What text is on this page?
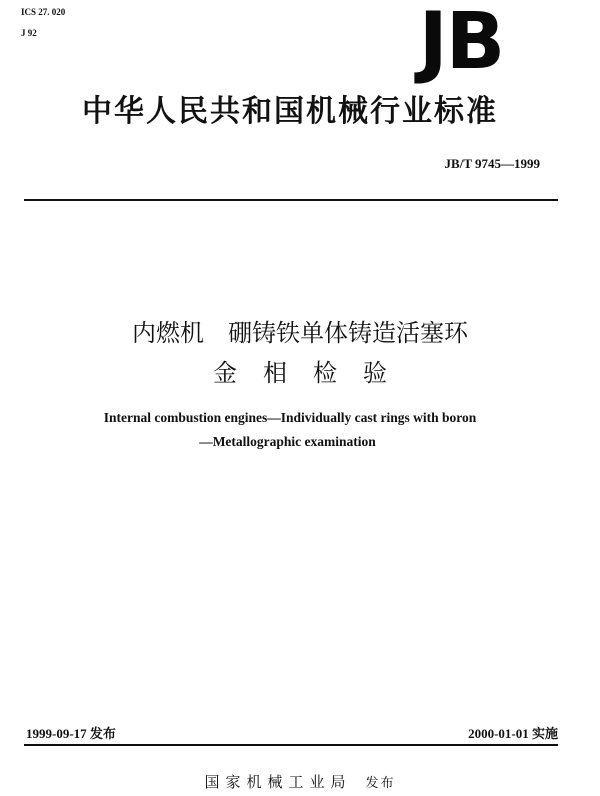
ICS 27. 020
J 92	JB
中华人民共和国机械行业标准
JB/T 9745—1999
内燃机　硼铸铁单体铸造活塞环
金相检验
Internal combustion engines—Individually cast rings with boron
—Metallographic examination
1999-09-17 发布	2000-01-01 实施
国家机械工业局 发布
